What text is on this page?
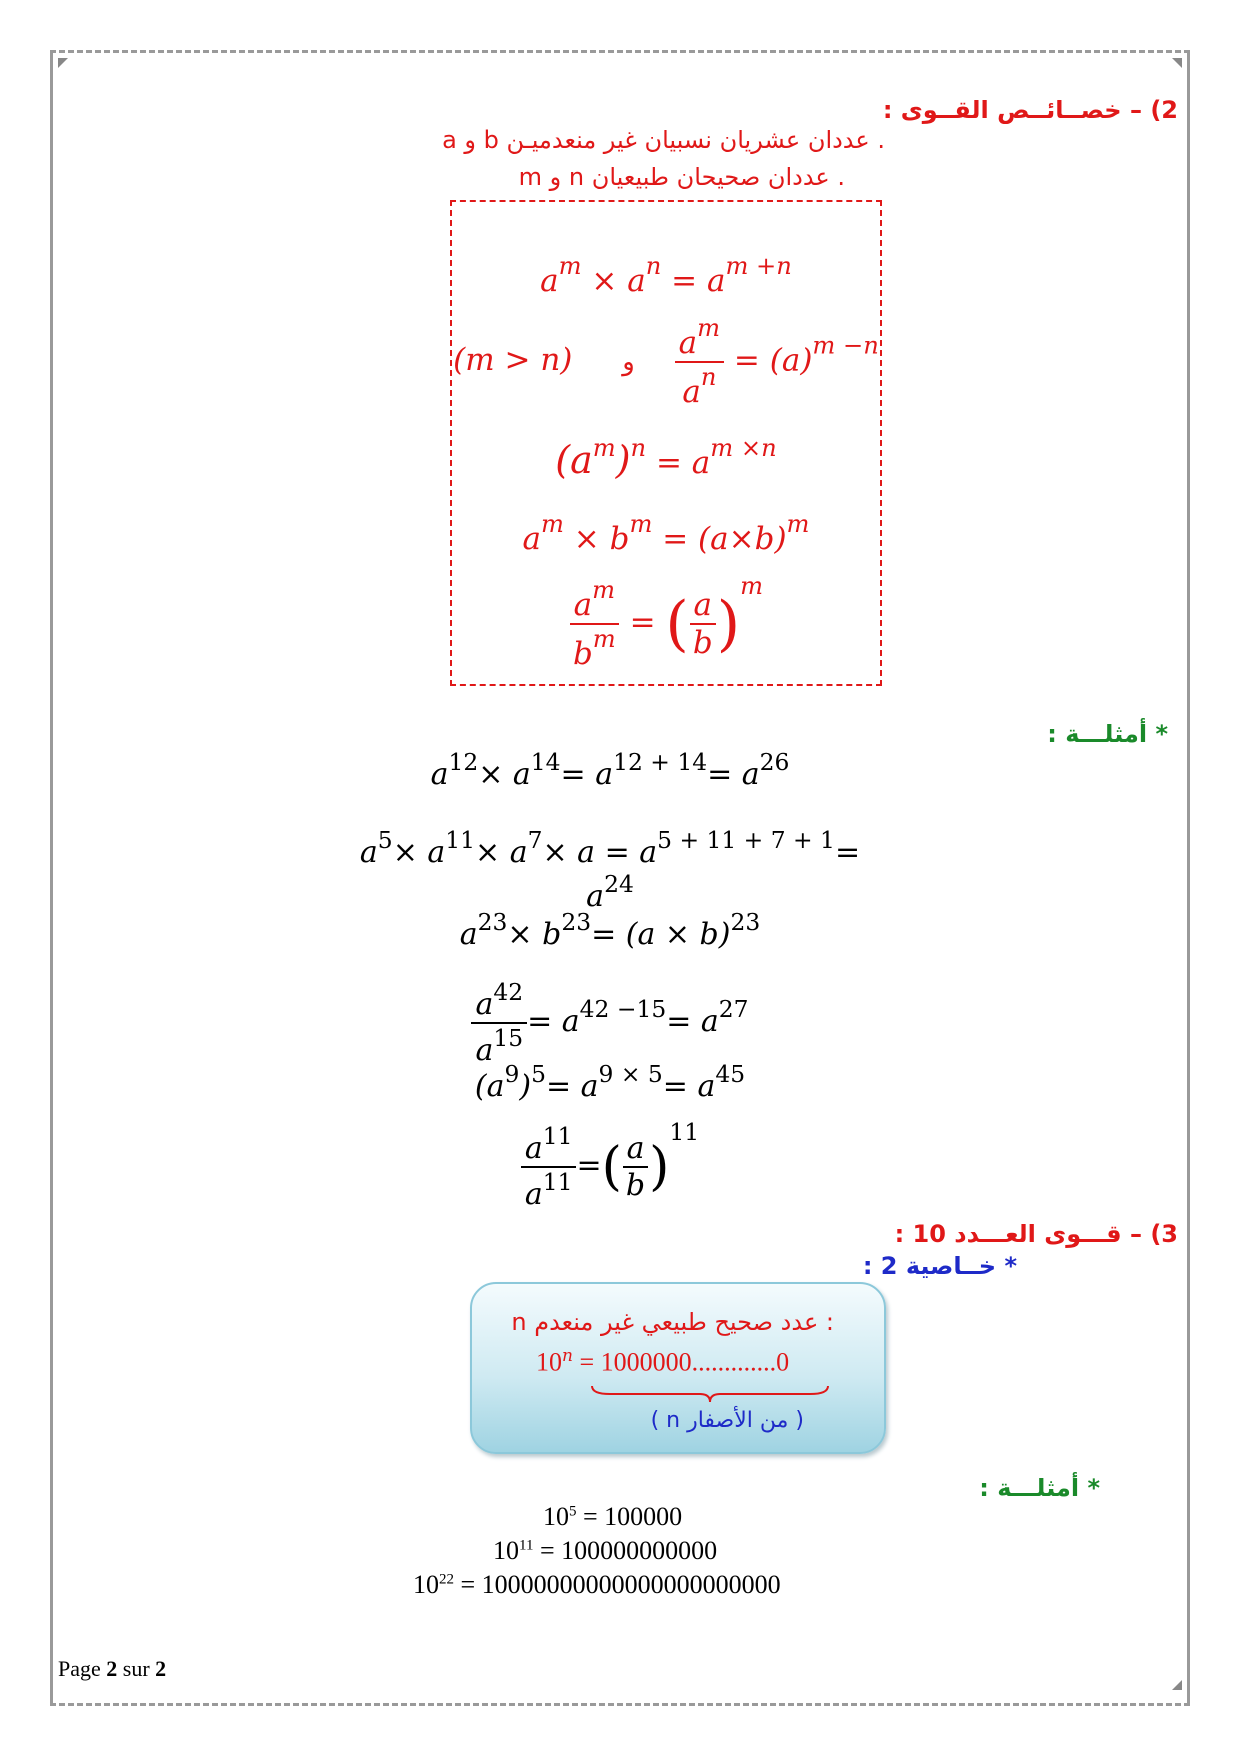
2) – خصــائــص القــوى :
a و b عددان عشريان نسبيان غير منعدميـن .
m و n عددان صحيحان طبيعيان .
$a^m \times a^n = a^{m +n}$
(m > n) و $\frac{a^m}{a^n} = (a)^{m -n}$
$(a^m)^n = a^{m \times n}$
$a^m \times b^m = (a\times b)^m$
$\frac{a^m}{b^m}$ = ( $\frac{a}{b} )^m$
* أمثلـــة :
$a^{12}\times a^{14}= a^{12 + 14}= a^{26}$
$a^5\times a^{11}\times a^7\times a = a^{5 + 11 + 7 + 1}= a^{24}$
$a^{23}\times b^{23}= (a \times b)^{23}$
$\frac{a^{42}}{a^{15}} = a^{42 -15}= a^{27}$
$(a^9)^5= a^{9 \times 5}= a^{45}$
$\frac{a^{11}}{a^{11}}$ =( $\frac{a}{b} )^{11}$
3) – قـــوى العـــدد 10 :
* خــاصية 2 :
n عدد صحيح طبيعي غير منعدم :
$10^n = 1000000.............0$
( n من الأصفار )
* أمثلـــة :
$10^5 = 100000$
$10^{11} = 100000000000$
$10^{22} = 10000000000000000000000$
Page 2 sur 2
